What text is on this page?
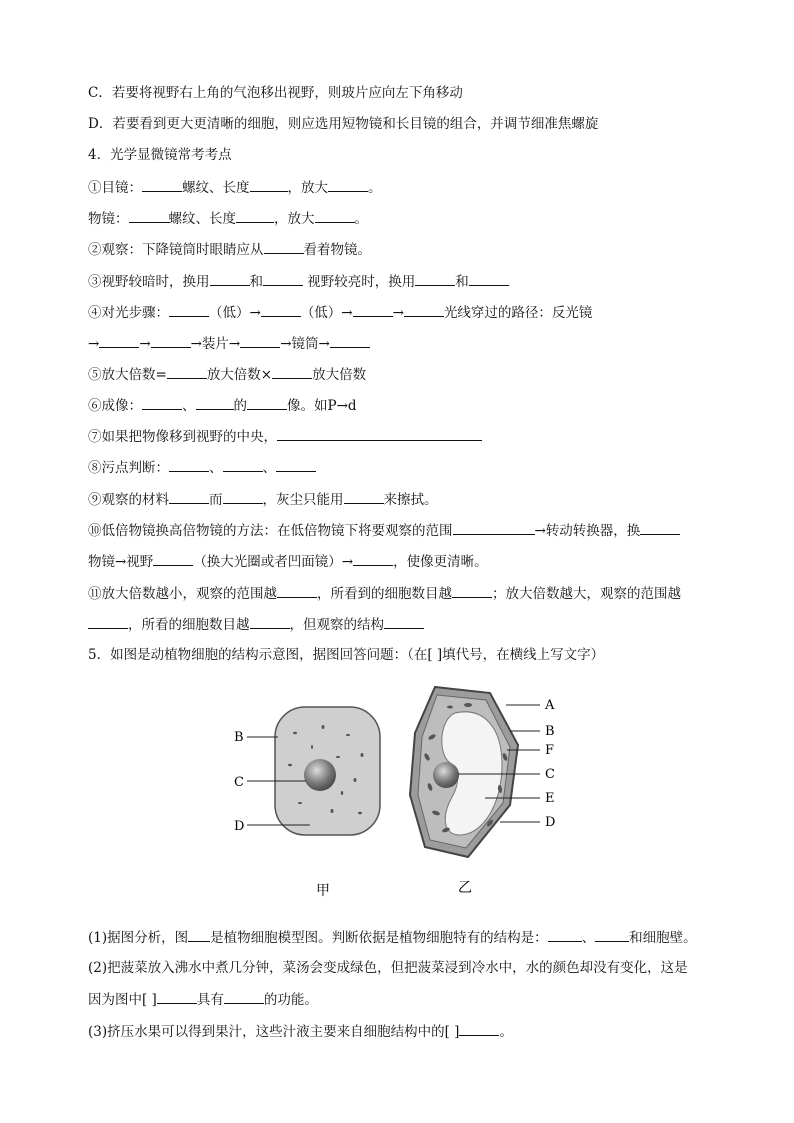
C．若要将视野右上角的气泡移出视野，则玻片应向左下角移动
D．若要看到更大更清晰的细胞，则应选用短物镜和长目镜的组合，并调节细准焦螺旋
4．光学显微镜常考考点
①目镜：	螺纹、长度	，放大	。
物镜：	螺纹、长度	，放大	。
②观察：下降镜筒时眼睛应从	看着物镜。
③视野较暗时，换用	和	视野较亮时，换用	和
④对光步骤：	（低）→	（低）→	→	光线穿过的路径：反光镜
→	→	→装片→	→镜筒→
⑤放大倍数=	放大倍数×	放大倍数
⑥成像：	、	的	像。如P→d
⑦如果把物像移到视野的中央，
⑧污点判断：	、	、
⑨观察的材料	而	，灰尘只能用	来擦拭。
⑩低倍物镜换高倍物镜的方法：在低倍物镜下将要观察的范围	→转动转换器，换
物镜→视野	（换大光圈或者凹面镜）→	，使像更清晰。
⑪放大倍数越小，观察的范围越	，所看到的细胞数目越	；放大倍数越大，观察的范围越
，所看的细胞数目越	，但观察的结构
5．如图是动植物细胞的结构示意图，据图回答问题：（在[ ]填代号，在横线上写文字）
B
C
D
A
B
F
C
E
D
甲	乙
(1)据图分析，图 是植物细胞模型图。判断依据是植物细胞特有的结构是：	、	和细胞壁。
(2)把菠菜放入沸水中煮几分钟，菜汤会变成绿色，但把菠菜浸到冷水中，水的颜色却没有变化，这是
因为图中[ ]	具有	的功能。
(3)挤压水果可以得到果汁，这些汁液主要来自细胞结构中的[ ]	。
